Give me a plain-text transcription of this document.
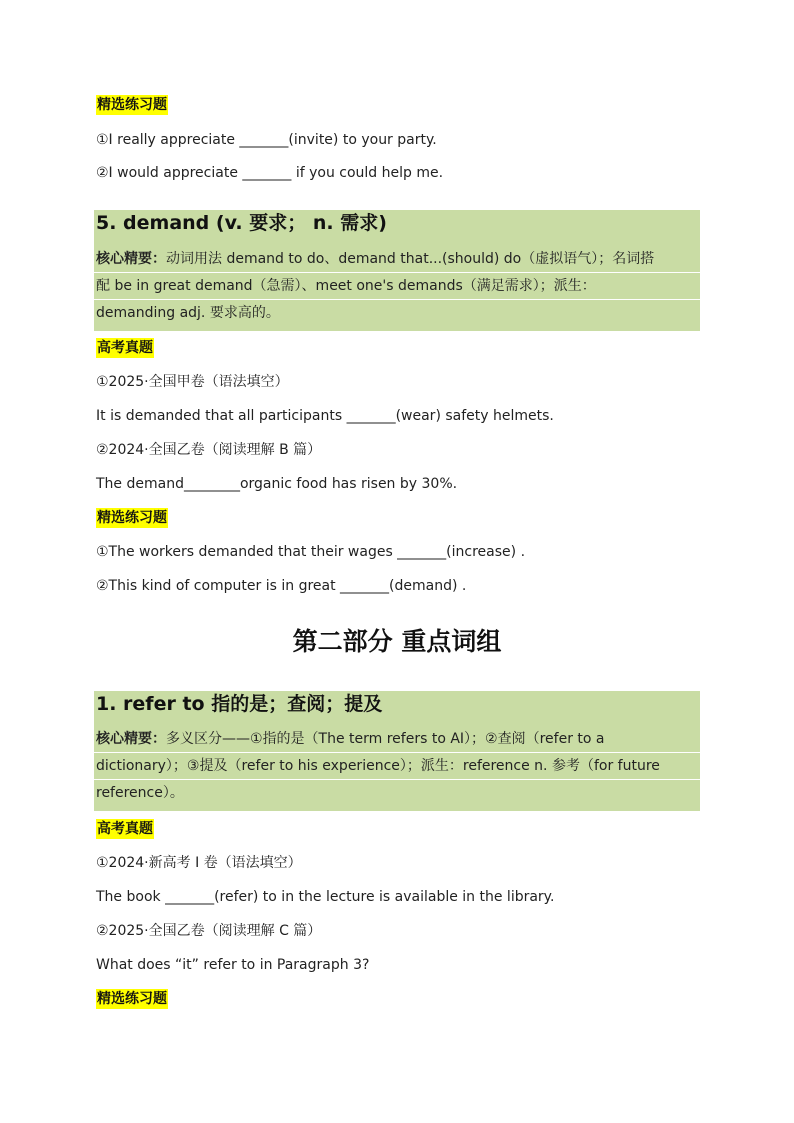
精选练习题
①I really appreciate _______(invite) to your party.
②I would appreciate _______ if you could help me.
5. demand (v. 要求； n. 需求)
核心精要：动词用法 demand to do、demand that...(should) do（虚拟语气）；名词搭
配 be in great demand（急需）、meet one's demands（满足需求）；派生：
demanding adj. 要求高的。
高考真题
①2025·全国甲卷（语法填空）
It is demanded that all participants _______(wear) safety helmets.
②2024·全国乙卷（阅读理解 B 篇）
The demand________organic food has risen by 30%.
精选练习题
①The workers demanded that their wages _______(increase) .
②This kind of computer is in great _______(demand) .
第二部分 重点词组
1. refer to 指的是；查阅；提及
核心精要：多义区分——①指的是（The term refers to AI）；②查阅（refer to a
dictionary）；③提及（refer to his experience）；派生：reference n. 参考（for future
reference）。
高考真题
①2024·新高考 I 卷（语法填空）
The book _______(refer) to in the lecture is available in the library.
②2025·全国乙卷（阅读理解 C 篇）
What does “it” refer to in Paragraph 3?
精选练习题
